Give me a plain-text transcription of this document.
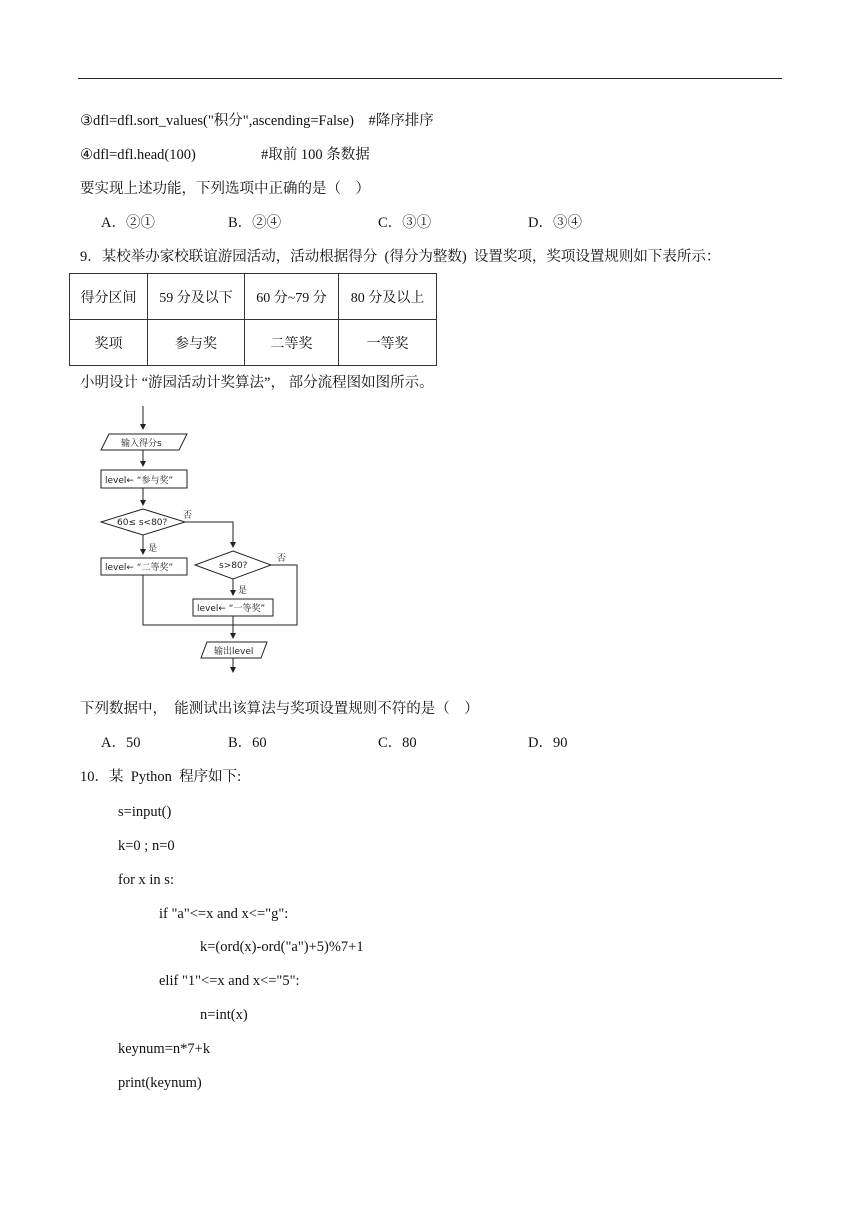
③dfl=dfl.sort_values("积分",ascending=False)    #降序排序
④dfl=dfl.head(100)                  #取前 100 条数据
要实现上述功能，下列选项中正确的是（    ）
A．②①	B．②④	C．③①	D．③④
9．某校举办家校联谊游园活动，活动根据得分  (得分为整数)  设置奖项，奖项设置规则如下表所示：
得分区间	59 分及以下	60 分~79 分	80 分及以上
奖项	参与奖	二等奖	一等奖
小明设计 “游园活动计奖算法”， 部分流程图如图所示。
输入得分s
level← “参与奖”
60≤ s<80?
否
是
level← “二等奖”	s>80?
否
是
level← “一等奖”
输出level
下列数据中，  能测试出该算法与奖项设置规则不符的是（    ）
A．50	B．60	C．80	D．90
10．某  Python  程序如下:
s=input()
k=0 ; n=0
for x in s:
if "a"<=x and x<="g":
k=(ord(x)-ord("a")+5)%7+1
elif "1"<=x and x<="5":
n=int(x)
keynum=n*7+k
print(keynum)
